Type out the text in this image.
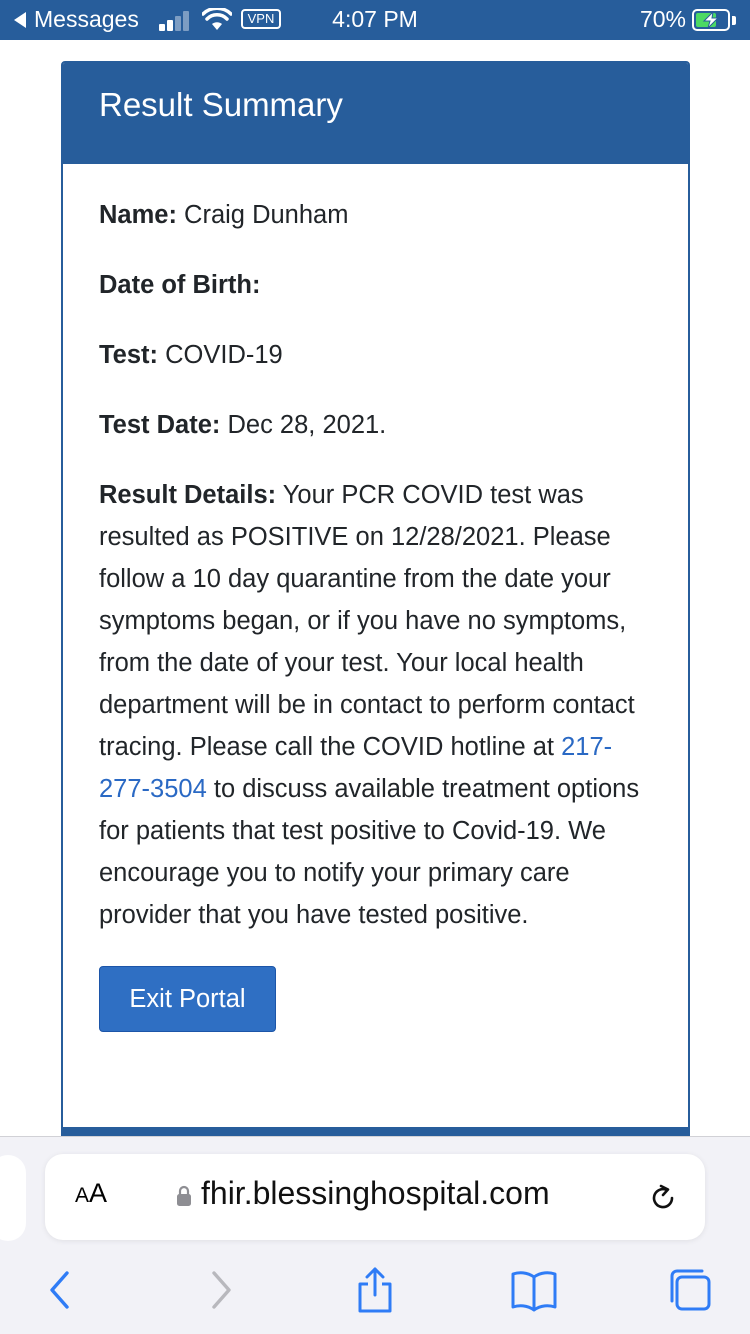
Messages	VPN	4:07 PM	70%
Result Summary

Name: Craig Dunham

Date of Birth:

Test: COVID-19

Test Date: Dec 28, 2021.

Result Details: Your PCR COVID test was resulted as POSITIVE on 12/28/2021. Please follow a 10 day quarantine from the date your symptoms began, or if you have no symptoms, from the date of your test. Your local health department will be in contact to perform contact tracing. Please call the COVID hotline at 217-277-3504 to discuss available treatment options for patients that test positive to Covid-19. We encourage you to notify your primary care provider that you have tested positive.

Exit Portal
AA	fhir.blessinghospital.com
